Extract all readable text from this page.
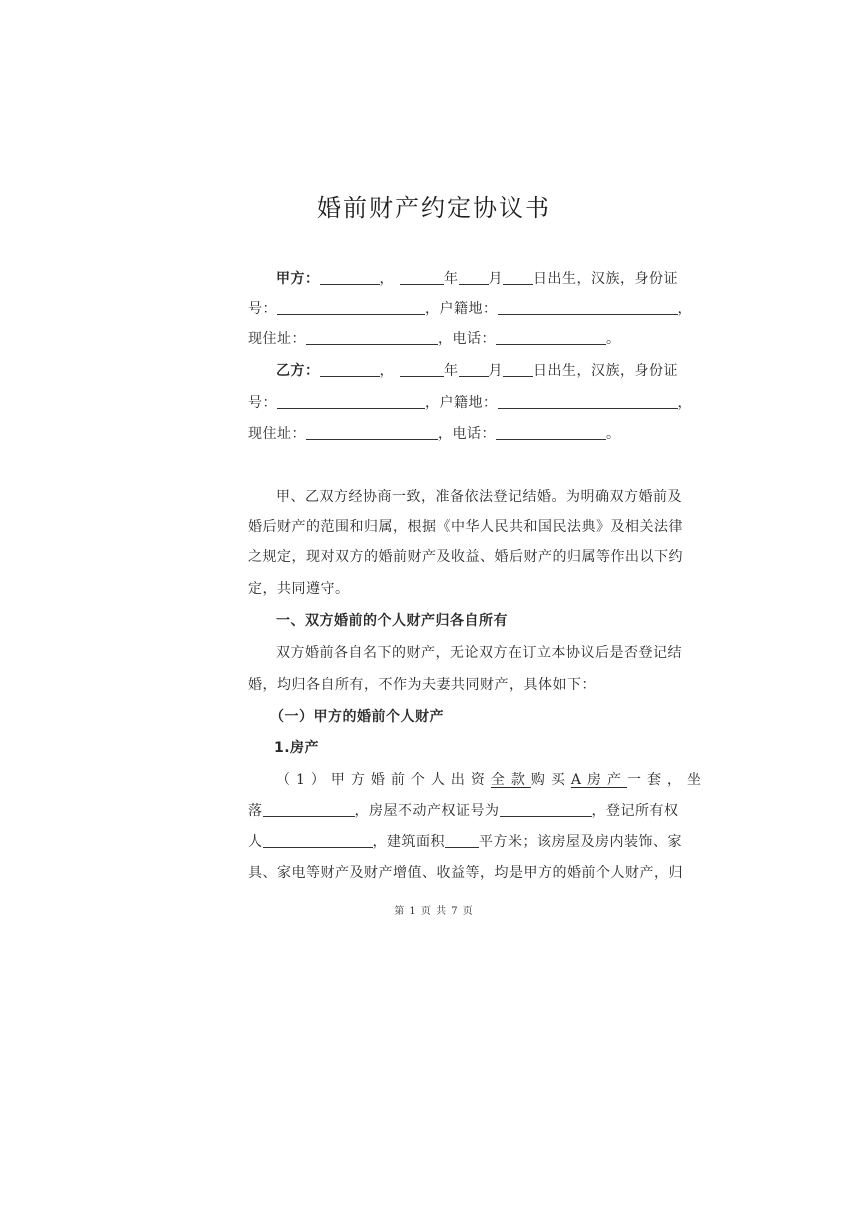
婚前财产约定协议书
甲方：	，	年 月 日出生，汉族，身份证
号：	，户籍地：	，
现住址：	，电话：	。
乙方：	，	年 月 日出生，汉族，身份证
号：	，户籍地：	，
现住址：	，电话：	。
甲、乙双方经协商一致，准备依法登记结婚。为明确双方婚前及
婚后财产的范围和归属，根据《中华人民共和国民法典》及相关法律
之规定，现对双方的婚前财产及收益、婚后财产的归属等作出以下约
定，共同遵守。
一、双方婚前的个人财产归各自所有
双方婚前各自名下的财产，无论双方在订立本协议后是否登记结
婚，均归各自所有，不作为夫妻共同财产，具体如下：
（一）甲方的婚前个人财产
1.房产
（1）甲方婚前个人出资 全款 购买 A房产 一套，坐
落	，房屋不动产权证号为	，登记所有权
人	，建筑面积 平方米；该房屋及房内装饰、家
具、家电等财产及财产增值、收益等，均是甲方的婚前个人财产，归
第 1 页 共 7 页
